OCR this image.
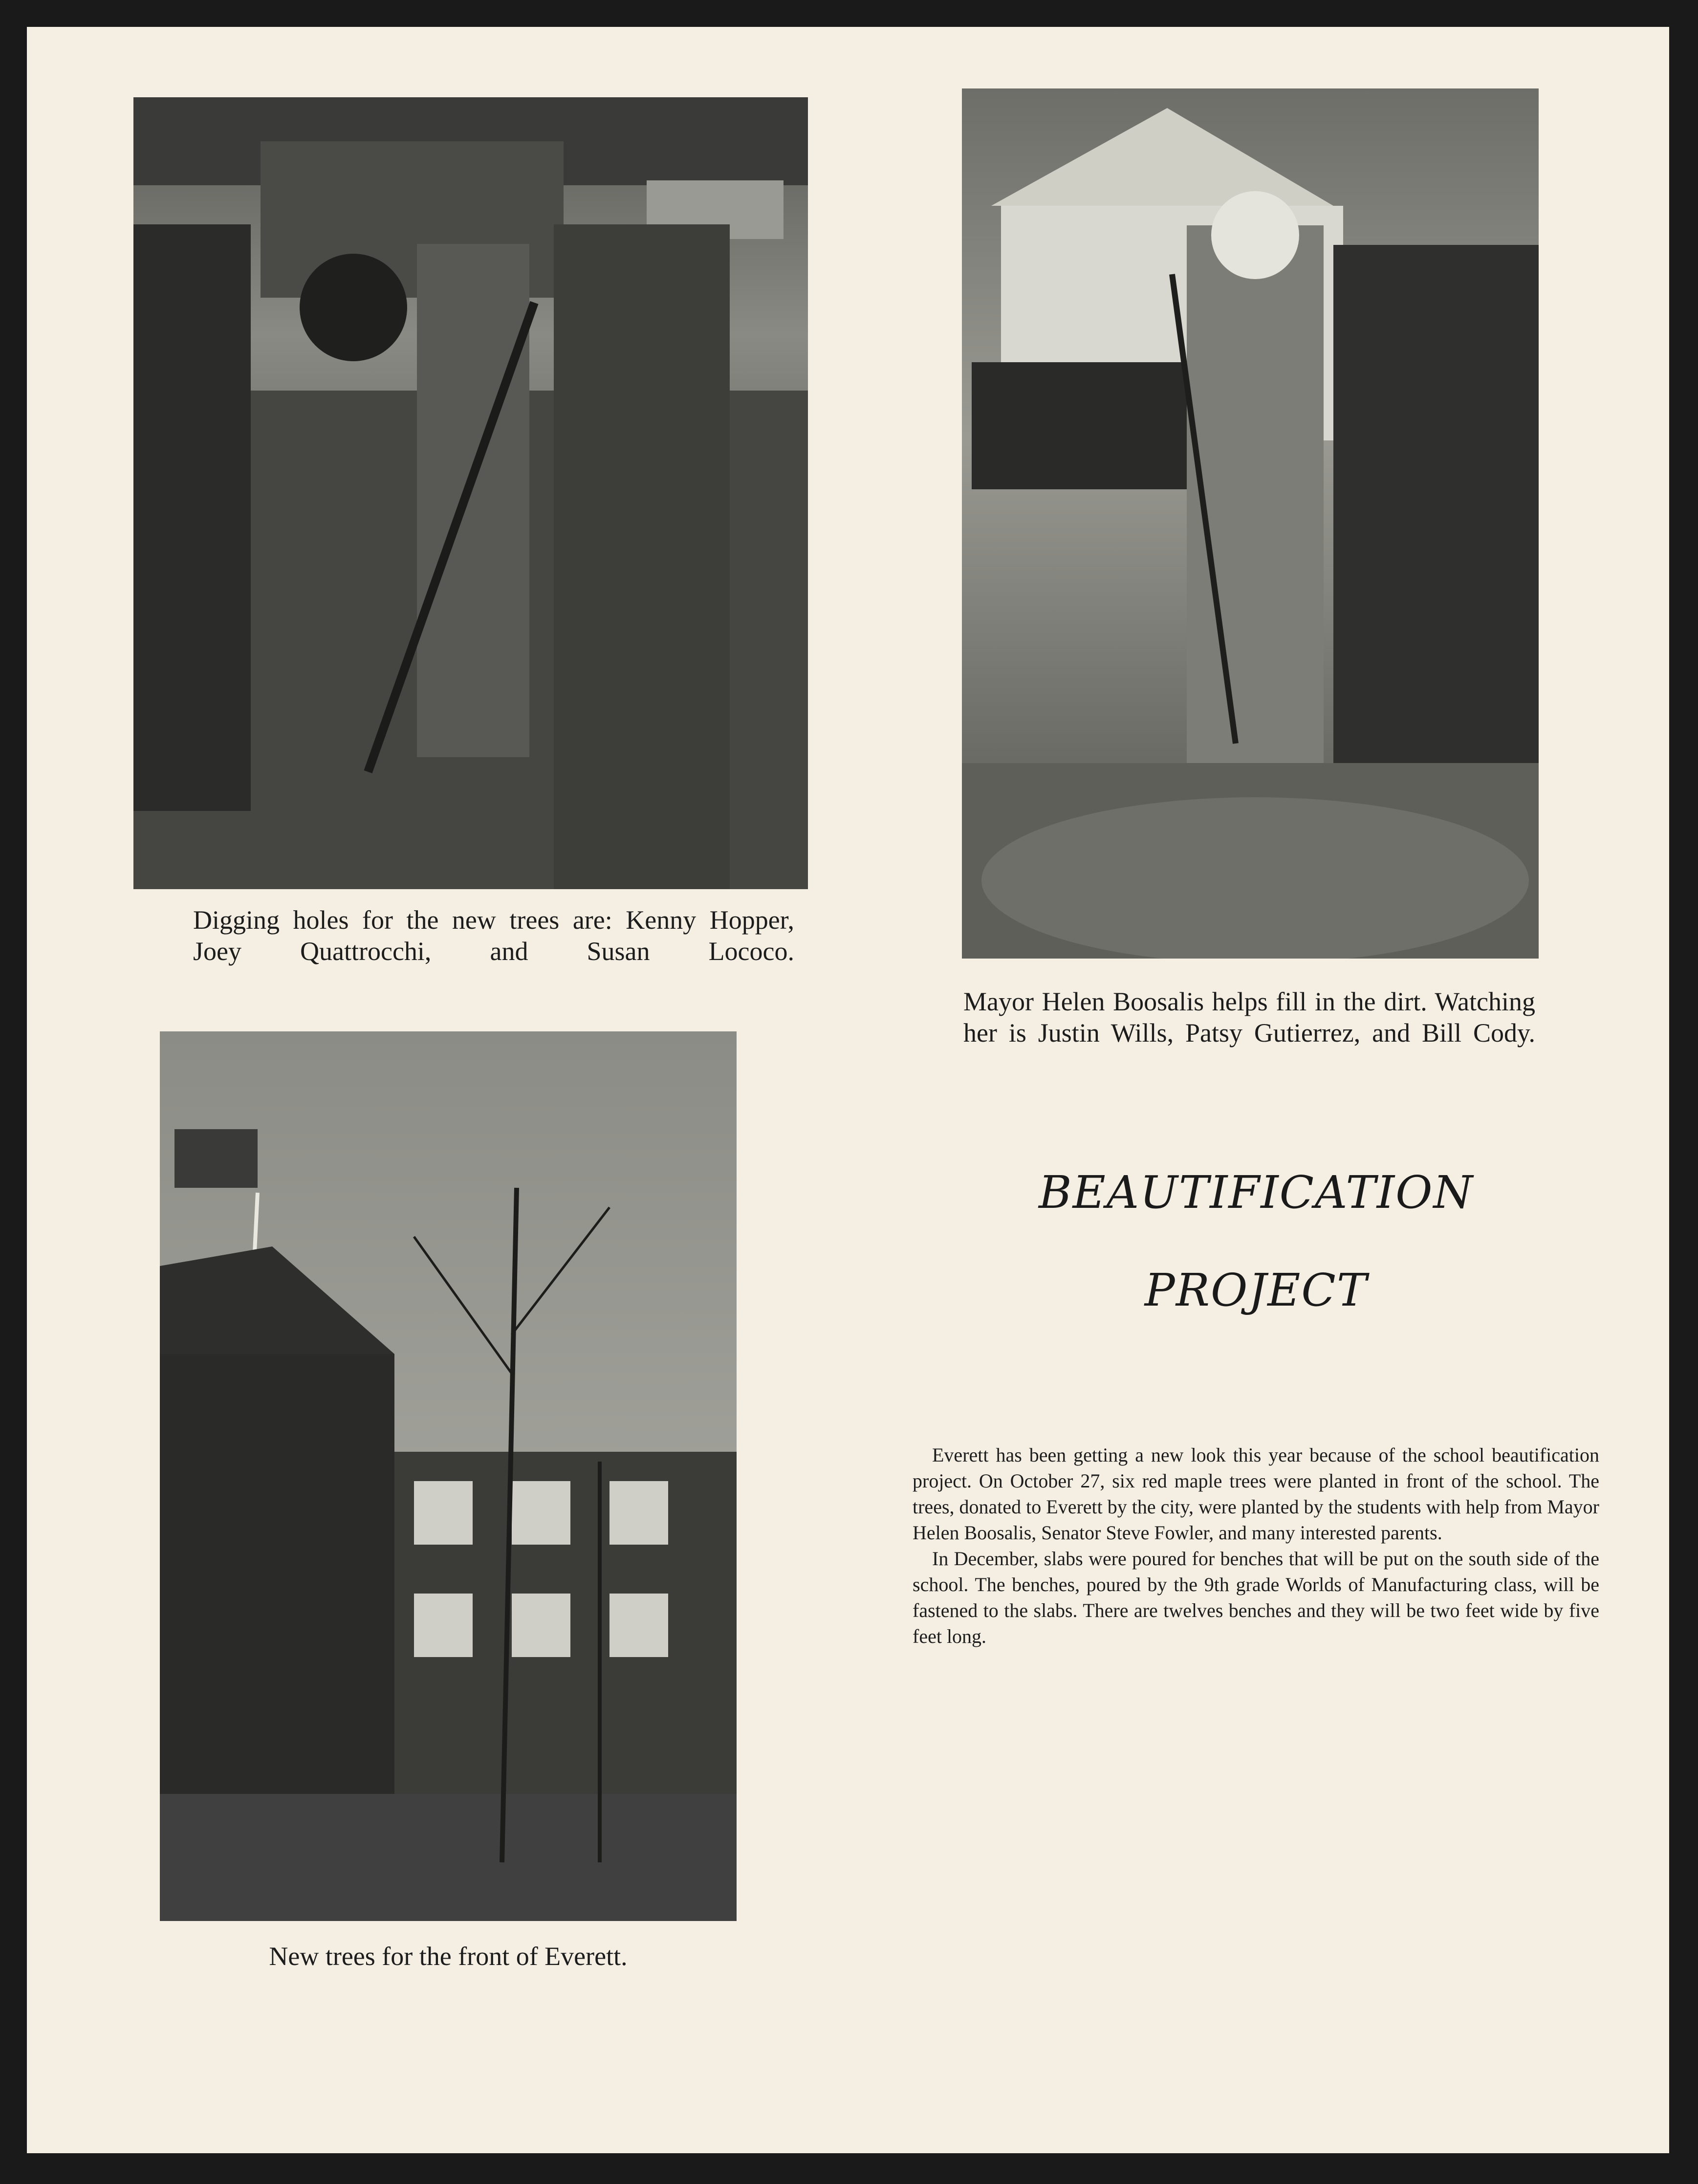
Digging holes for the new trees are: Kenny Hopper, Joey Quattrocchi, and Susan Lococo.
Mayor Helen Boosalis helps fill in the dirt. Watching her is Justin Wills, Patsy Gutierrez, and Bill Cody.
New trees for the front of Everett.
BEAUTIFICATION
PROJECT

Everett has been getting a new look this year because of the school beautification project. On October 27, six red maple trees were planted in front of the school. The trees, donated to Everett by the city, were planted by the students with help from Mayor Helen Boosalis, Senator Steve Fowler, and many interested parents.

In December, slabs were poured for benches that will be put on the south side of the school. The benches, poured by the 9th grade Worlds of Manufacturing class, will be fastened to the slabs. There are twelves benches and they will be two feet wide by five feet long.
